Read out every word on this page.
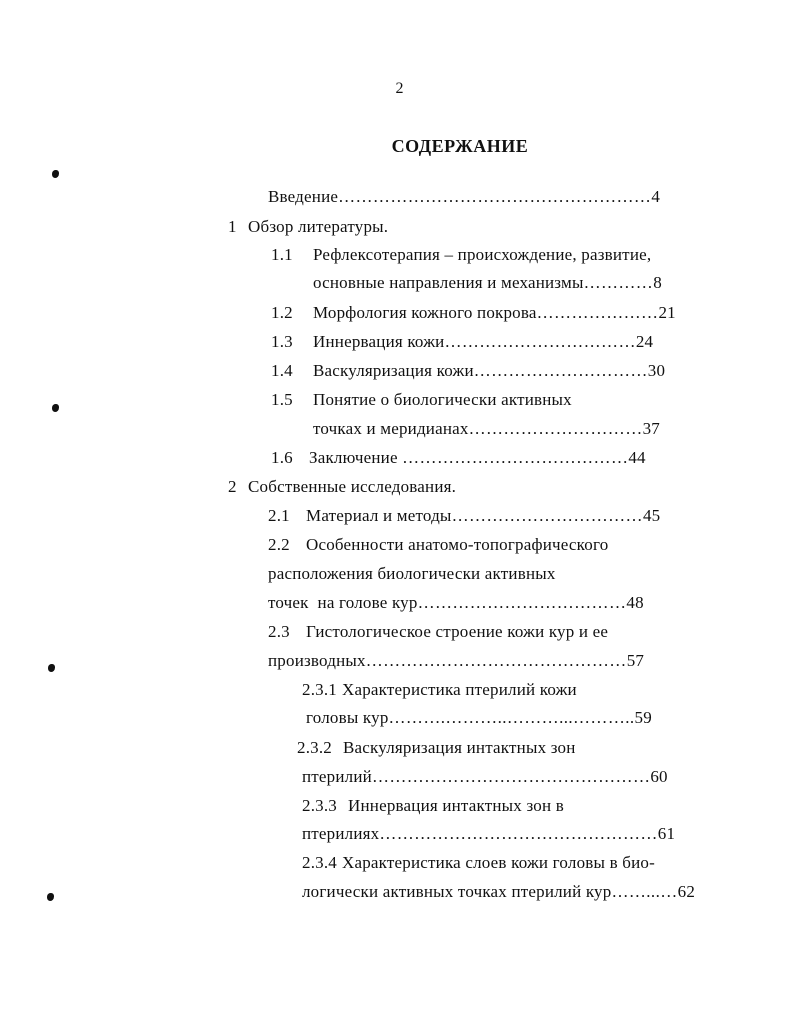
2
СОДЕРЖАНИЕ
Введение………………………………………………4
1 Обзор литературы.
1.1 Рефлексотерапия – происхождение, развитие,
основные направления и механизмы…………8
1.2 Морфология кожного покрова…………………21
1.3 Иннервация кожи……………………………24
1.4 Васкуляризация кожи…………………………30
1.5 Понятие о биологически активных
точках и меридианах…………………………37
1.6 Заключение …………………………………44
2 Собственные исследования.
2.1 Материал и методы……………………………45
2.2 Особенности анатомо-топографического
расположения биологически активных
точек  на голове кур………………………………48
2.3 Гистологическое строение кожи кур и ее
производных………………………………………57
2.3.1 Характеристика птерилий кожи
головы кур……….………..………...………..59
2.3.2 Васкуляризация интактных зон
птерилий…………………………………………60
2.3.3 Иннервация интактных зон в
птерилиях…………………………………………61
2.3.4 Характеристика слоев кожи головы в био-
логически активных точках птерилий кур……...…62
